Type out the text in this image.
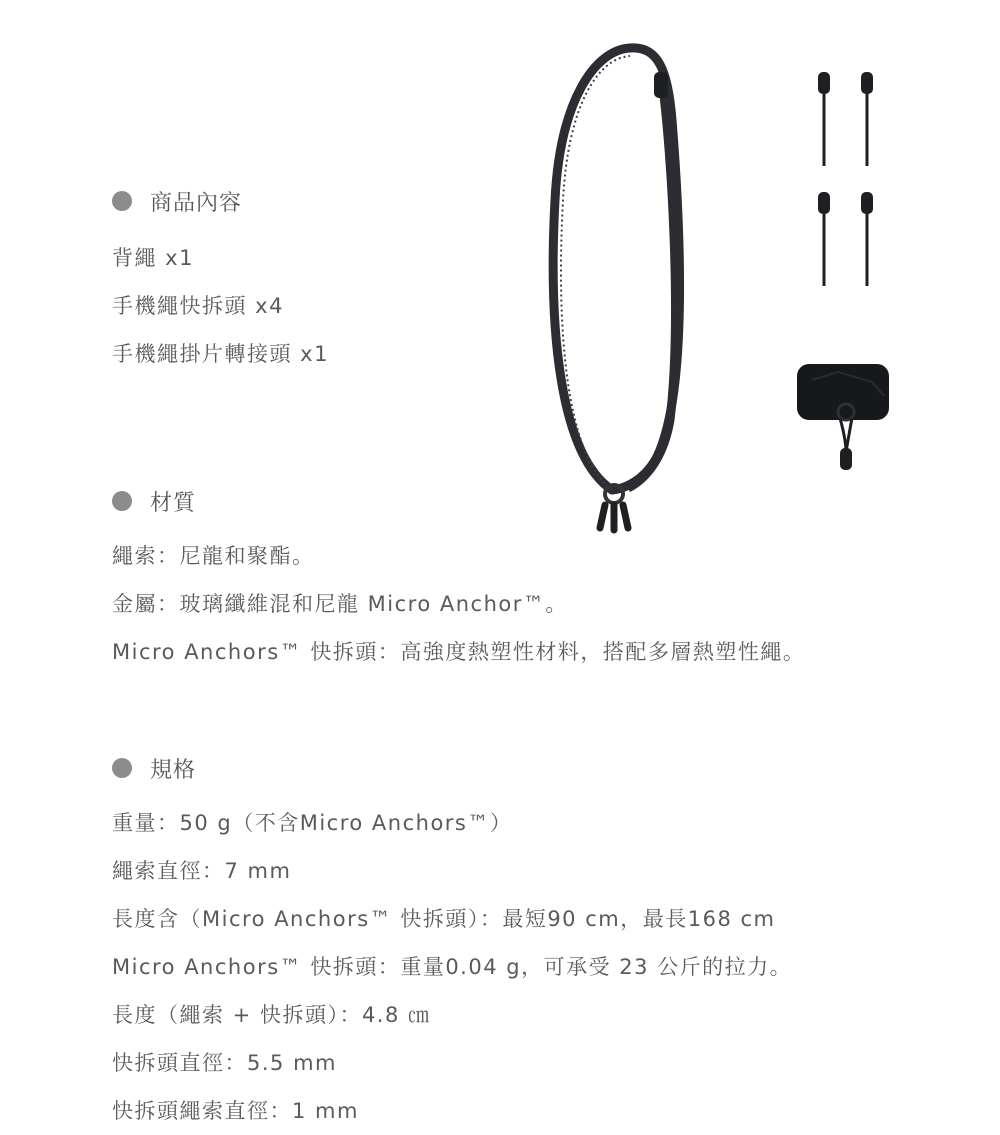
商品內容
背繩 x1
手機繩快拆頭 x4
手機繩掛片轉接頭 x1
材質
繩索：尼龍和聚酯。
金屬：玻璃纖維混和尼龍 Micro Anchor™。
Micro Anchors™ 快拆頭：高強度熱塑性材料，搭配多層熱塑性繩。
規格
重量：50 g（不含Micro Anchors™）
繩索直徑：7 mm
長度含（Micro Anchors™ 快拆頭）：最短90 cm，最長168 cm
Micro Anchors™ 快拆頭：重量0.04 g，可承受 23 公斤的拉力。
長度（繩索 + 快拆頭）：4.8 ㎝
快拆頭直徑：5.5 mm
快拆頭繩索直徑：1 mm
